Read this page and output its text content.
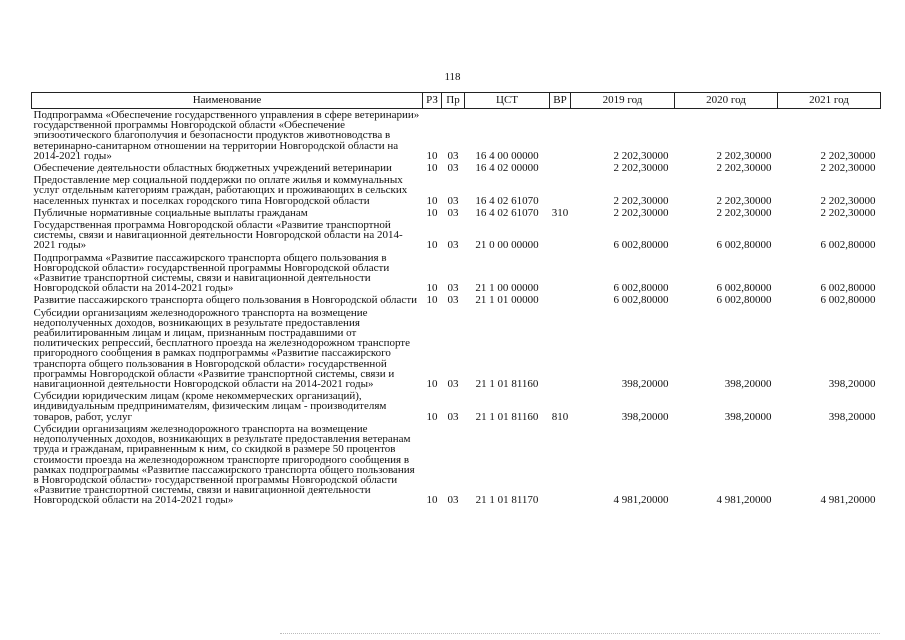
118
Наименование	РЗ	Пр	ЦСТ	ВР	2019 год	2020 год	2021 год
Подпрограмма «Обеспечение государственного управления в сфере ветеринарии» государственной программы Новгородской области «Обеспечение эпизоотического благополучия и безопасности продуктов животноводства в ветеринарно-санитарном отношении на территории Новгородской области на 2014-2021 годы»	10	03	16 4 00 00000		2 202,30000	2 202,30000	2 202,30000
Обеспечение деятельности областных бюджетных учреждений ветеринарии	10	03	16 4 02 00000		2 202,30000	2 202,30000	2 202,30000
Предоставление мер социальной поддержки по оплате жилья и коммунальных услуг отдельным категориям граждан, работающих и проживающих в сельских населенных пунктах и поселках городского типа Новгородской области	10	03	16 4 02 61070		2 202,30000	2 202,30000	2 202,30000
Публичные нормативные социальные выплаты гражданам	10	03	16 4 02 61070	310	2 202,30000	2 202,30000	2 202,30000
Государственная программа Новгородской области «Развитие транспортной системы, связи и навигационной деятельности Новгородской области на 2014-2021 годы»	10	03	21 0 00 00000		6 002,80000	6 002,80000	6 002,80000
Подпрограмма «Развитие пассажирского транспорта общего пользования в Новгородской области» государственной программы Новгородской области «Развитие транспортной системы, связи и навигационной деятельности Новгородской области на 2014-2021 годы»	10	03	21 1 00 00000		6 002,80000	6 002,80000	6 002,80000
Развитие пассажирского транспорта общего пользования в Новгородской области	10	03	21 1 01 00000		6 002,80000	6 002,80000	6 002,80000
Субсидии организациям железнодорожного транспорта на возмещение недополученных доходов, возникающих в результате предоставления реабилитированным лицам и лицам, признанным пострадавшими от политических репрессий, бесплатного проезда на железнодорожном транспорте пригородного сообщения в рамках подпрограммы «Развитие пассажирского транспорта общего пользования в Новгородской области» государственной программы Новгородской области «Развитие транспортной системы, связи и навигационной деятельности Новгородской области на 2014-2021 годы»	10	03	21 1 01 81160		398,20000	398,20000	398,20000
Субсидии юридическим лицам (кроме некоммерческих организаций), индивидуальным предпринимателям, физическим лицам - производителям товаров, работ, услуг	10	03	21 1 01 81160	810	398,20000	398,20000	398,20000
Субсидии организациям железнодорожного транспорта на возмещение недополученных доходов, возникающих в результате предоставления ветеранам труда и гражданам, приравненным к ним, со скидкой в размере 50 процентов стоимости проезда на железнодорожном транспорте пригородного сообщения в рамках подпрограммы «Развитие пассажирского транспорта общего пользования в Новгородской области» государственной программы Новгородской области «Развитие транспортной системы, связи и навигационной деятельности Новгородской области на 2014-2021 годы»	10	03	21 1 01 81170		4 981,20000	4 981,20000	4 981,20000
